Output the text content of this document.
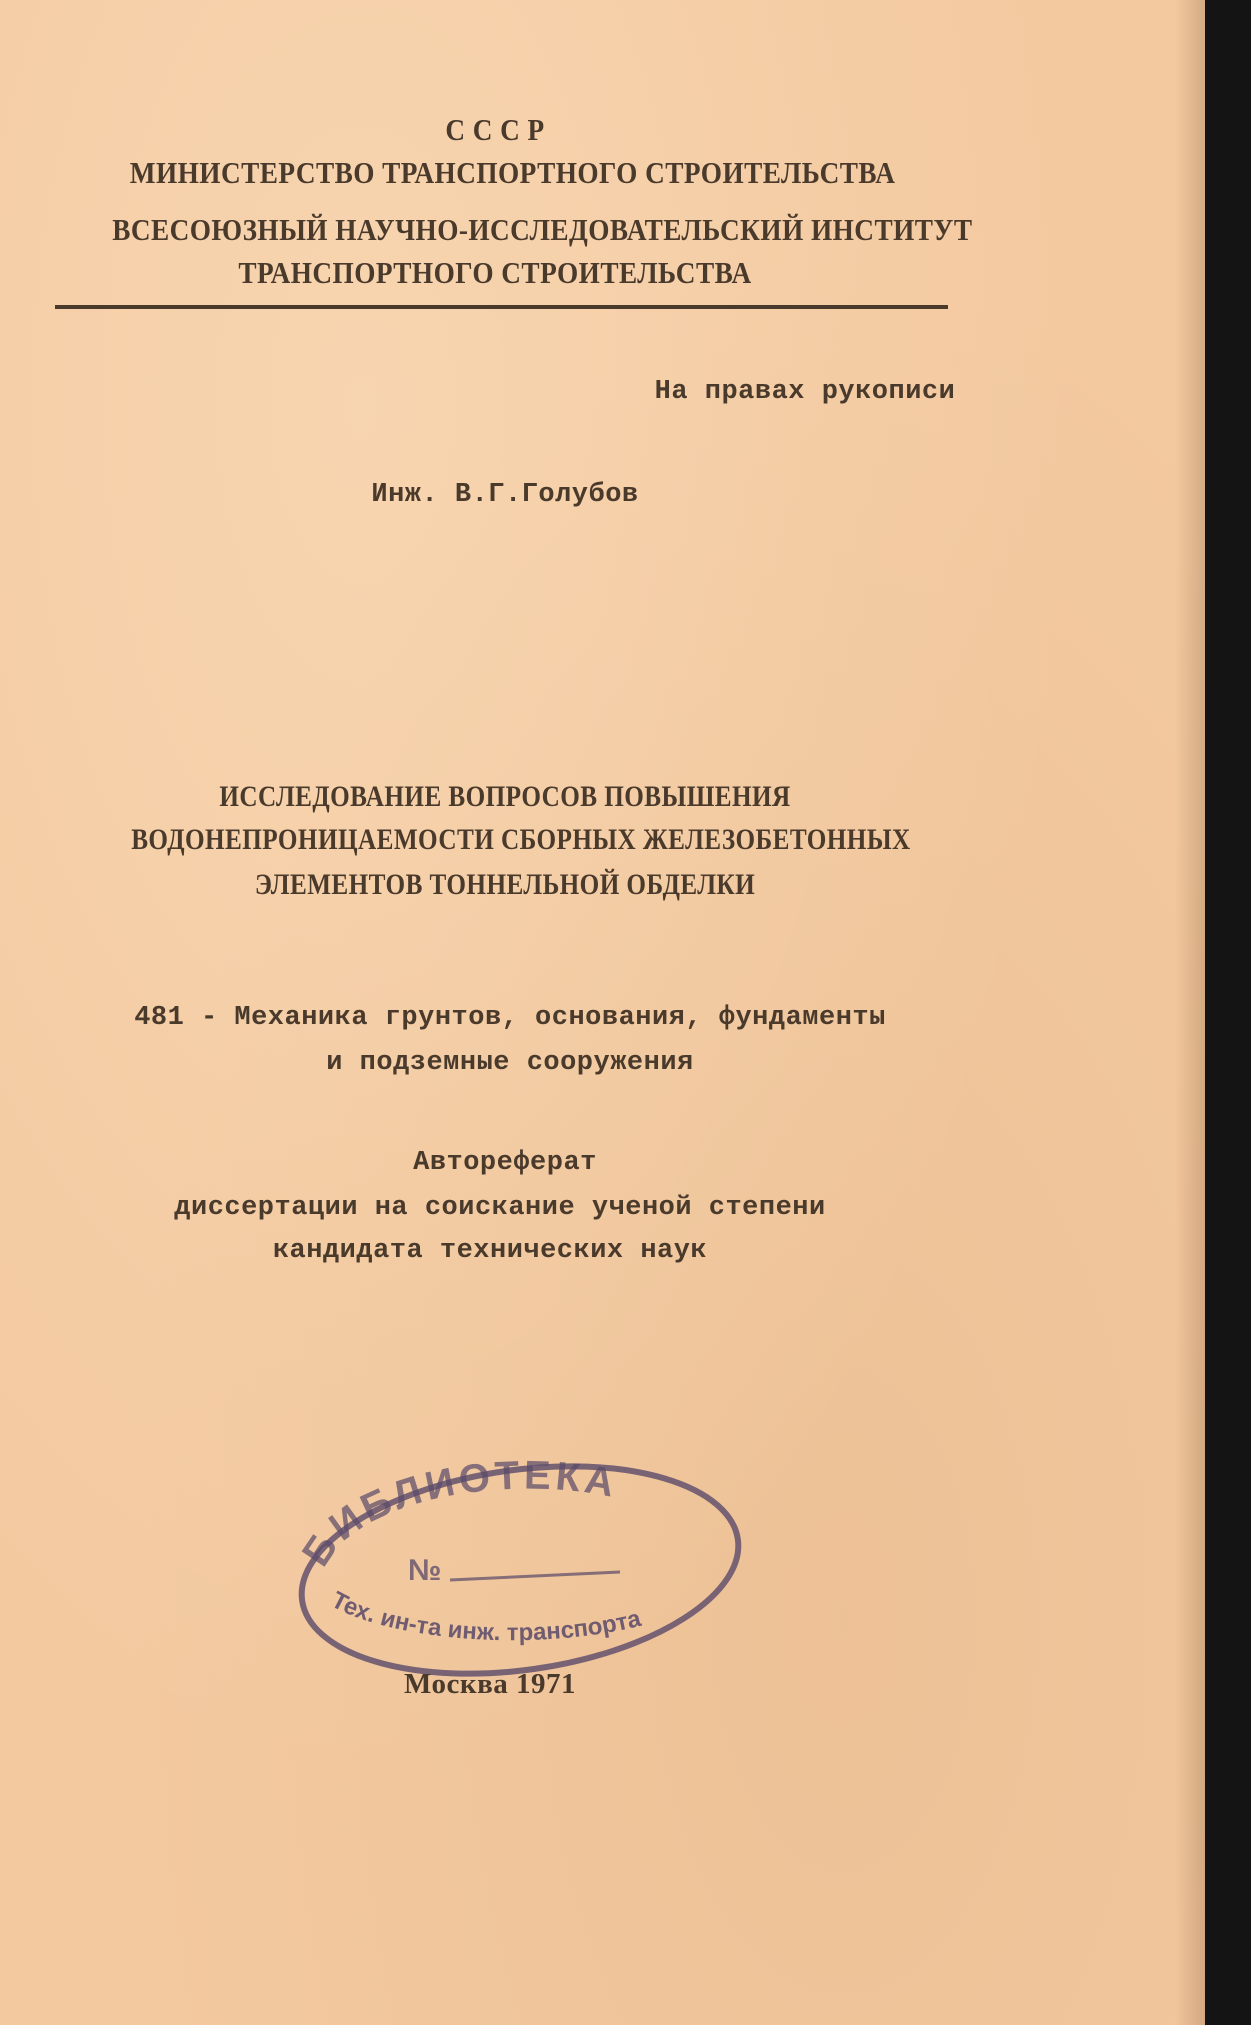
С С С Р
МИНИСТЕРСТВО ТРАНСПОРТНОГО СТРОИТЕЛЬСТВА
ВСЕСОЮЗНЫЙ НАУЧНО-ИССЛЕДОВАТЕЛЬСКИЙ ИНСТИТУТ
ТРАНСПОРТНОГО СТРОИТЕЛЬСТВА
На правах рукописи
Инж. В.Г.Голубов
ИССЛЕДОВАНИЕ ВОПРОСОВ ПОВЫШЕНИЯ
ВОДОНЕПРОНИЦАЕМОСТИ СБОРНЫХ ЖЕЛЕЗОБЕТОННЫХ
ЭЛЕМЕНТОВ ТОННЕЛЬНОЙ ОБДЕЛКИ
481 - Механика грунтов, основания, фундаменты
и подземные сооружения
Автореферат
диссертации на соискание ученой степени
кандидата технических наук
БИБЛИОТЕКА
№
Тех. ин-та инж. транспорта
Москва 1971
